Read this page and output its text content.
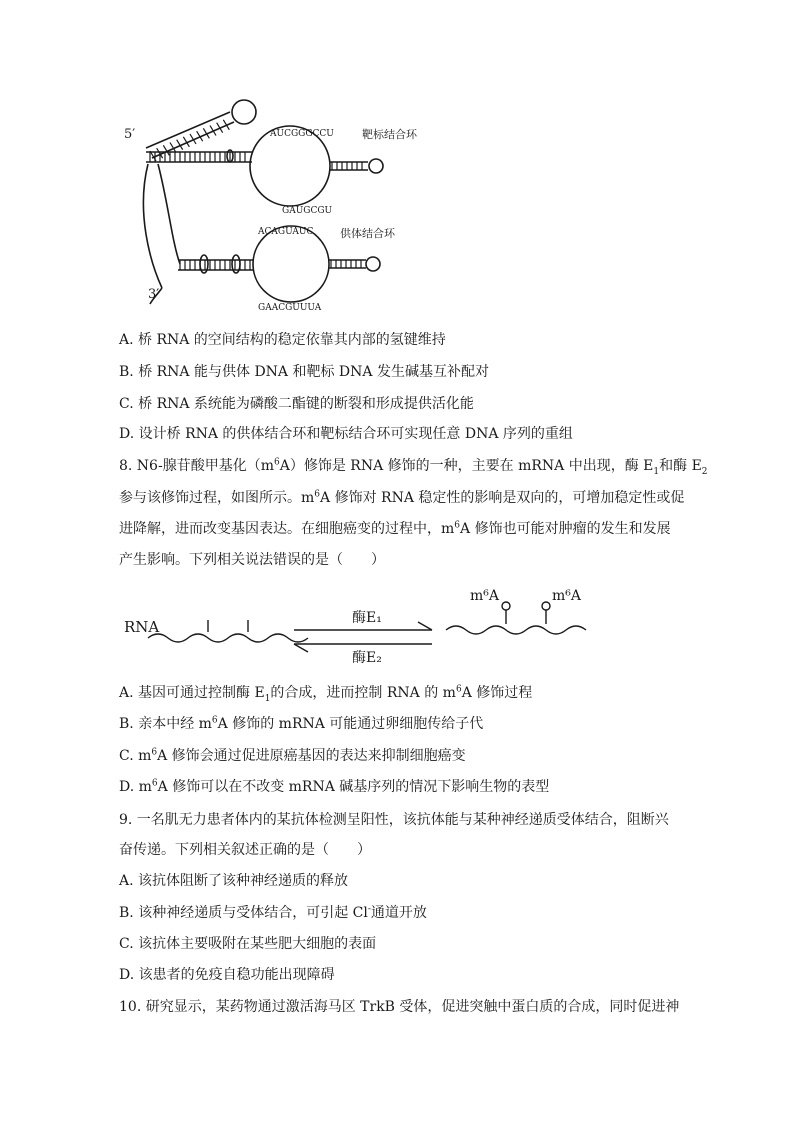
5′
3′
AUCGGGCCU
GAUGCGU
靶标结合环
ACAGUAUC
GAACGUUUA
供体结合环
A. 桥 RNA 的空间结构的稳定依靠其内部的氢键维持
B. 桥 RNA 能与供体 DNA 和靶标 DNA 发生碱基互补配对
C. 桥 RNA 系统能为磷酸二酯键的断裂和形成提供活化能
D. 设计桥 RNA 的供体结合环和靶标结合环可实现任意 DNA 序列的重组
8. N6-腺苷酸甲基化$(m^6A)$修饰是 RNA 修饰的一种，主要在 mRNA 中出现，酶 $E_1$和酶 $E_2$
参与该修饰过程，如图所示。$m^6A$ 修饰对 RNA 稳定性的影响是双向的，可增加稳定性或促
进降解，进而改变基因表达。在细胞癌变的过程中，$m^6A$ 修饰也可能对肿瘤的发生和发展
产生影响。下列相关说法错误的是（　　）
RNA
m⁶A	m⁶A
酶E₁
酶E₂
A. 基因可通过控制酶 $E_1$的合成，进而控制 RNA 的 $m^6A$ 修饰过程
B. 亲本中经 $m^6A$ 修饰的 mRNA 可能通过卵细胞传给子代
C. $m^6A$ 修饰会通过促进原癌基因的表达来抑制细胞癌变
D. $m^6A$ 修饰可以在不改变 mRNA 碱基序列的情况下影响生物的表型
9. 一名肌无力患者体内的某抗体检测呈阳性，该抗体能与某种神经递质受体结合，阻断兴
奋传递。下列相关叙述正确的是（　　）
A. 该抗体阻断了该种神经递质的释放
B. 该种神经递质与受体结合，可引起 Cl-通道开放
C. 该抗体主要吸附在某些肥大细胞的表面
D. 该患者的免疫自稳功能出现障碍
10. 研究显示，某药物通过激活海马区 TrkB 受体，促进突触中蛋白质的合成，同时促进神
